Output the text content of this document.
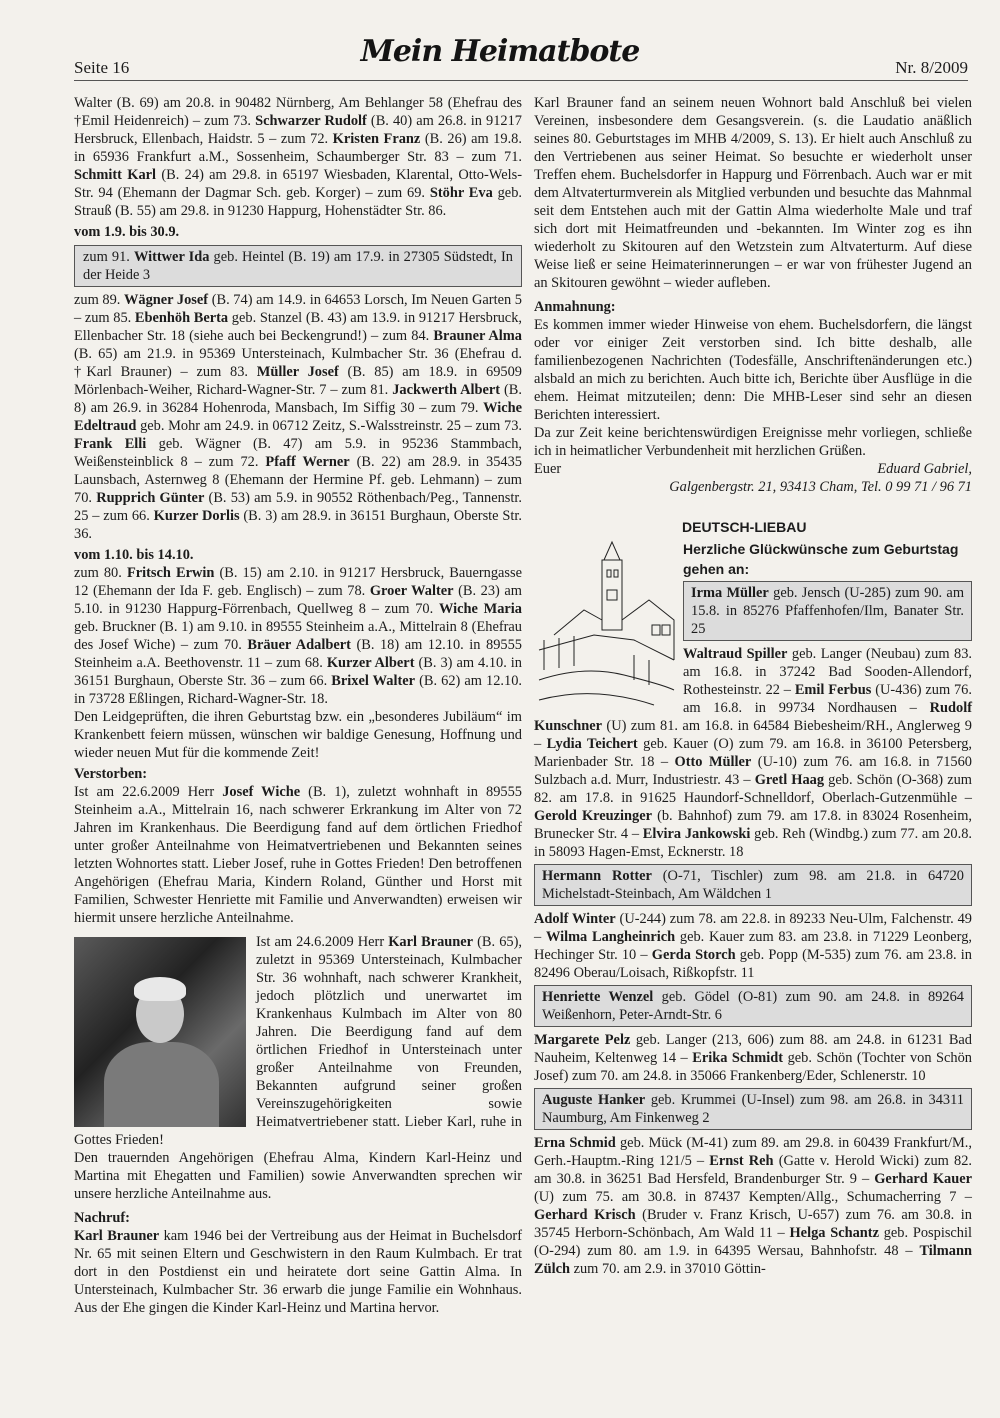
Seite 16	Mein Heimatbote	Nr. 8/2009

Walter (B. 69) am 20.8. in 90482 Nürnberg, Am Behlanger 58 (Ehefrau des †Emil Heidenreich) – zum 73. Schwarzer Rudolf (B. 40) am 26.8. in 91217 Hersbruck, Ellenbach, Haidstr. 5 – zum 72. Kristen Franz (B. 26) am 19.8. in 65936 Frankfurt a.M., Sossenheim, Schaumberger Str. 83 – zum 71. Schmitt Karl (B. 24) am 29.8. in 65197 Wiesbaden, Klarental, Otto-Wels-Str. 94 (Ehemann der Dagmar Sch. geb. Korger) – zum 69. Stöhr Eva geb. Strauß (B. 55) am 29.8. in 91230 Happurg, Hohenstädter Str. 86.

vom 1.9. bis 30.9.

zum 91. Wittwer Ida geb. Heintel (B. 19) am 17.9. in 27305 Südstedt, In der Heide 3

zum 89. Wägner Josef (B. 74) am 14.9. in 64653 Lorsch, Im Neuen Garten 5 – zum 85. Ebenhöh Berta geb. Stanzel (B. 43) am 13.9. in 91217 Hersbruck, Ellenbacher Str. 18 (siehe auch bei Beckengrund!) – zum 84. Brauner Alma (B. 65) am 21.9. in 95369 Untersteinach, Kulmbacher Str. 36 (Ehefrau d. †Karl Brauner) – zum 83. Müller Josef (B. 85) am 18.9. in 69509 Mörlenbach-Weiher, Richard-Wagner-Str. 7 – zum 81. Jackwerth Albert (B. 8) am 26.9. in 36284 Hohenroda, Mansbach, Im Siffig 30 – zum 79. Wiche Edeltraud geb. Mohr am 24.9. in 06712 Zeitz, S.-Walsstreinstr. 25 – zum 73. Frank Elli geb. Wägner (B. 47) am 5.9. in 95236 Stammbach, Weißensteinblick 8 – zum 72. Pfaff Werner (B. 22) am 28.9. in 35435 Launsbach, Asternweg 8 (Ehemann der Hermine Pf. geb. Lehmann) – zum 70. Rupprich Günter (B. 53) am 5.9. in 90552 Röthenbach/Peg., Tannenstr. 25 – zum 66. Kurzer Dorlis (B. 3) am 28.9. in 36151 Burghaun, Oberste Str. 36.

vom 1.10. bis 14.10.

zum 80. Fritsch Erwin (B. 15) am 2.10. in 91217 Hersbruck, Bauerngasse 12 (Ehemann der Ida F. geb. Englisch) – zum 78. Groer Walter (B. 23) am 5.10. in 91230 Happurg-Förrenbach, Quellweg 8 – zum 70. Wiche Maria geb. Bruckner (B. 1) am 9.10. in 89555 Steinheim a.A., Mittelrain 8 (Ehefrau des Josef Wiche) – zum 70. Bräuer Adalbert (B. 18) am 12.10. in 89555 Steinheim a.A. Beethovenstr. 11 – zum 68. Kurzer Albert (B. 3) am 4.10. in 36151 Burghaun, Oberste Str. 36 – zum 66. Brixel Walter (B. 62) am 12.10. in 73728 Eßlingen, Richard-Wagner-Str. 18.

Den Leidgeprüften, die ihren Geburtstag bzw. ein „besonderes Jubiläum“ im Krankenbett feiern müssen, wünschen wir baldige Genesung, Hoffnung und wieder neuen Mut für die kommende Zeit!

Verstorben:

Ist am 22.6.2009 Herr Josef Wiche (B. 1), zuletzt wohnhaft in 89555 Steinheim a.A., Mittelrain 16, nach schwerer Erkrankung im Alter von 72 Jahren im Krankenhaus. Die Beerdigung fand auf dem örtlichen Friedhof unter großer Anteilnahme von Heimatvertriebenen und Bekannten seines letzten Wohnortes statt. Lieber Josef, ruhe in Gottes Frieden! Den betroffenen Angehörigen (Ehefrau Maria, Kindern Roland, Günther und Horst mit Familien, Schwester Henriette mit Familie und Anverwandten) erweisen wir hiermit unsere herzliche Anteilnahme.

Ist am 24.6.2009 Herr Karl Brauner (B. 65), zuletzt in 95369 Untersteinach, Kulmbacher Str. 36 wohnhaft, nach schwerer Krankheit, jedoch plötzlich und unerwartet im Krankenhaus Kulmbach im Alter von 80 Jahren. Die Beerdigung fand auf dem örtlichen Friedhof in Untersteinach unter großer Anteilnahme von Freunden, Bekannten aufgrund seiner großen Vereinszugehörigkeiten sowie Heimatvertriebener statt. Lieber Karl, ruhe in Gottes Frieden!

Den trauernden Angehörigen (Ehefrau Alma, Kindern Karl-Heinz und Martina mit Ehegatten und Familien) sowie Anverwandten sprechen wir unsere herzliche Anteilnahme aus.

Nachruf:

Karl Brauner kam 1946 bei der Vertreibung aus der Heimat in Buchelsdorf Nr. 65 mit seinen Eltern und Geschwistern in den Raum Kulmbach. Er trat dort in den Postdienst ein und heiratete dort seine Gattin Alma. In Untersteinach, Kulmbacher Str. 36 erwarb die junge Familie ein Wohnhaus. Aus der Ehe gingen die Kinder Karl-Heinz und Martina hervor.

Karl Brauner fand an seinem neuen Wohnort bald Anschluß bei vielen Vereinen, insbesondere dem Gesangsverein. (s. die Laudatio anäßlich seines 80. Geburtstages im MHB 4/2009, S. 13). Er hielt auch Anschluß zu den Vertriebenen aus seiner Heimat. So besuchte er wiederholt unser Treffen ehem. Buchelsdorfer in Happurg und Förrenbach. Auch war er mit dem Altvaterturmverein als Mitglied verbunden und besuchte das Mahnmal seit dem Entstehen auch mit der Gattin Alma wiederholte Male und traf sich dort mit Heimatfreunden und -bekannten. Im Winter zog es ihn wiederholt zu Skitouren auf den Wetzstein zum Altvaterturm. Auf diese Weise ließ er seine Heimaterinnerungen – er war von frühester Jugend an an Skitouren gewöhnt – wieder aufleben.

Anmahnung:

Es kommen immer wieder Hinweise von ehem. Buchelsdorfern, die längst oder vor einiger Zeit verstorben sind. Ich bitte deshalb, alle familienbezogenen Nachrichten (Todesfälle, Anschriftenänderungen etc.) alsbald an mich zu berichten. Auch bitte ich, Berichte über Ausflüge in die ehem. Heimat mitzuteilen; denn: Die MHB-Leser sind sehr an diesen Berichten interessiert.

Da zur Zeit keine berichtenswürdigen Ereignisse mehr vorliegen, schließe ich in heimatlicher Verbundenheit mit herzlichen Grüßen.

Euer	Eduard Gabriel,

Galgenbergstr. 21, 93413 Cham, Tel. 0 99 71 / 96 71

DEUTSCH-LIEBAU
Herzliche Glückwünsche zum Geburtstag
gehen an:
Irma Müller geb. Jensch (U-285) zum 90. am 15.8. in 85276 Pfaffenhofen/Ilm, Banater Str. 25

Waltraud Spiller geb. Langer (Neubau) zum 83. am 16.8. in 37242 Bad Sooden-Allendorf, Rothesteinstr. 22 – Emil Ferbus (U-436) zum 76. am 16.8. in 99734 Nordhausen – Rudolf Kunschner (U) zum 81. am 16.8. in 64584 Biebesheim/RH., Anglerweg 9 – Lydia Teichert geb. Kauer (O) zum 79. am 16.8. in 36100 Petersberg, Marienbader Str. 18 – Otto Müller (U-10) zum 76. am 16.8. in 71560 Sulzbach a.d. Murr, Industriestr. 43 – Gretl Haag geb. Schön (O-368) zum 82. am 17.8. in 91625 Haundorf-Schnelldorf, Oberlach-Gutzenmühle – Gerold Kreuzinger (b. Bahnhof) zum 79. am 17.8. in 83024 Rosenheim, Brunecker Str. 4 – Elvira Jankowski geb. Reh (Windbg.) zum 77. am 20.8. in 58093 Hagen-Emst, Ecknerstr. 18

Hermann Rotter (O-71, Tischler) zum 98. am 21.8. in 64720 Michelstadt-Steinbach, Am Wäldchen 1

Adolf Winter (U-244) zum 78. am 22.8. in 89233 Neu-Ulm, Falchenstr. 49 – Wilma Langheinrich geb. Kauer zum 83. am 23.8. in 71229 Leonberg, Hechinger Str. 10 – Gerda Storch geb. Popp (M-535) zum 76. am 23.8. in 82496 Oberau/Loisach, Rißkopfstr. 11

Henriette Wenzel geb. Gödel (O-81) zum 90. am 24.8. in 89264 Weißenhorn, Peter-Arndt-Str. 6

Margarete Pelz geb. Langer (213, 606) zum 88. am 24.8. in 61231 Bad Nauheim, Keltenweg 14 – Erika Schmidt geb. Schön (Tochter von Schön Josef) zum 70. am 24.8. in 35066 Frankenberg/Eder, Schlenerstr. 10

Auguste Hanker geb. Krummei (U-Insel) zum 98. am 26.8. in 34311 Naumburg, Am Finkenweg 2

Erna Schmid geb. Mück (M-41) zum 89. am 29.8. in 60439 Frankfurt/M., Gerh.-Hauptm.-Ring 121/5 – Ernst Reh (Gatte v. Herold Wicki) zum 82. am 30.8. in 36251 Bad Hersfeld, Brandenburger Str. 9 – Gerhard Kauer (U) zum 75. am 30.8. in 87437 Kempten/Allg., Schumacherring 7 – Gerhard Krisch (Bruder v. Franz Krisch, U-657) zum 76. am 30.8. in 35745 Herborn-Schönbach, Am Wald 11 – Helga Schantz geb. Pospischil (O-294) zum 80. am 1.9. in 64395 Wersau, Bahnhofstr. 48 – Tilmann Zülch zum 70. am 2.9. in 37010 Göttin-
